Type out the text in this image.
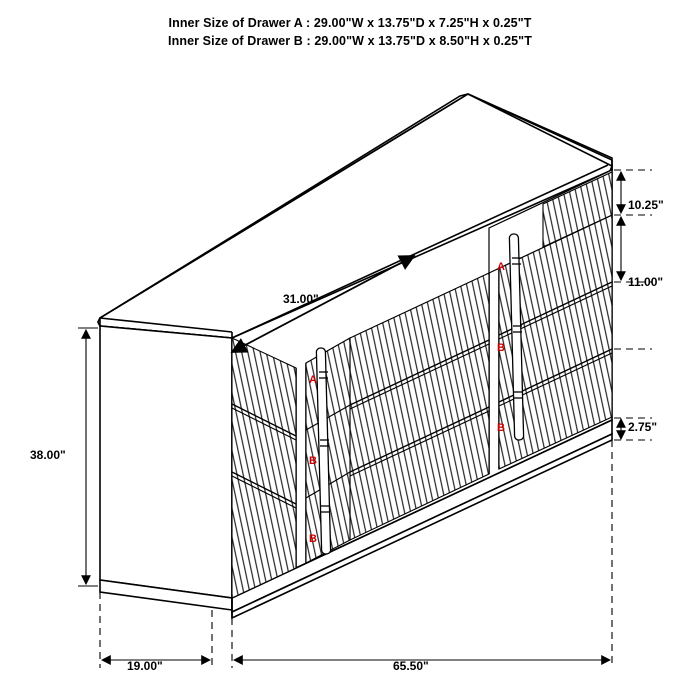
Inner Size of Drawer A : 29.00"W x 13.75"D x 7.25"H x 0.25"T
Inner Size of Drawer B : 29.00"W x 13.75"D x 8.50"H x 0.25"T
10.25"
11.00"
2.75"
31.00"
38.00"
19.00"	65.50"
A
B
B
A
B
B
